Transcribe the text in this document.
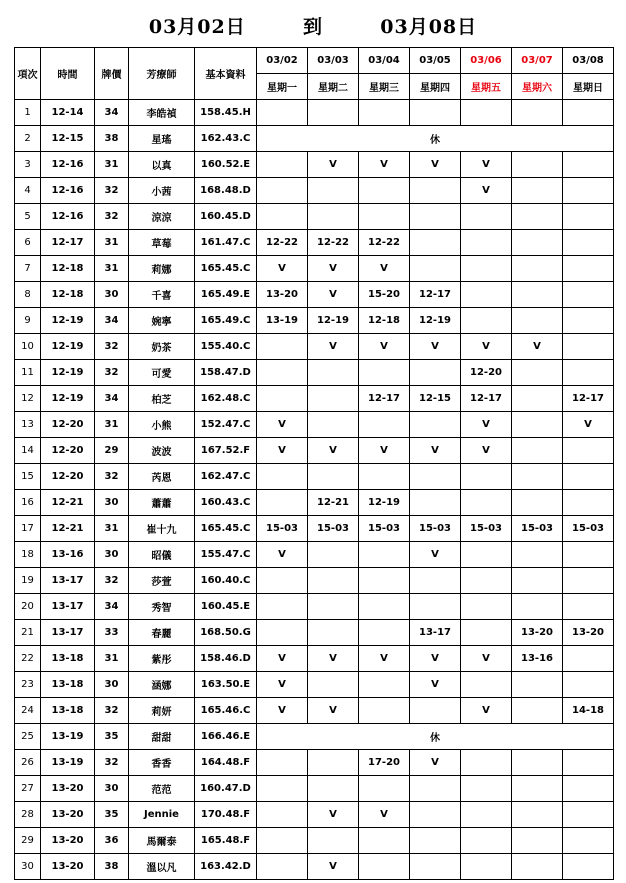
03月02日	到	03月08日
項次	時間	牌價	芳療師	基本資料	03/02	03/03	03/04	03/05	03/06	03/07	03/08
					星期一	星期二	星期三	星期四	星期五	星期六	星期日
1	12-14	34	李皓禎	158.45.H							
2	12-15	38	星瑤	162.43.C	休						
3	12-16	31	以真	160.52.E		V	V	V	V		
4	12-16	32	小茜	168.48.D					V		
5	12-16	32	涼涼	160.45.D							
6	12-17	31	草莓	161.47.C	12-22	12-22	12-22				
7	12-18	31	莉娜	165.45.C	V	V	V				
8	12-18	30	千喜	165.49.E	13-20	V	15-20	12-17			
9	12-19	34	婉寧	165.49.C	13-19	12-19	12-18	12-19			
10	12-19	32	奶茶	155.40.C		V	V	V	V	V	
11	12-19	32	可愛	158.47.D					12-20		
12	12-19	34	柏芝	162.48.C			12-17	12-15	12-17		12-17
13	12-20	31	小熊	152.47.C	V				V		V
14	12-20	29	波波	167.52.F	V	V	V	V	V		
15	12-20	32	芮恩	162.47.C							
16	12-21	30	蕭蕭	160.43.C		12-21	12-19				
17	12-21	31	崔十九	165.45.C	15-03	15-03	15-03	15-03	15-03	15-03	15-03
18	13-16	30	昭儀	155.47.C	V			V			
19	13-17	32	莎萱	160.40.C							
20	13-17	34	秀智	160.45.E							
21	13-17	33	春麗	168.50.G				13-17		13-20	13-20
22	13-18	31	紫彤	158.46.D	V	V	V	V	V	13-16	
23	13-18	30	涵娜	163.50.E	V			V			
24	13-18	32	莉妍	165.46.C	V	V			V		14-18
25	13-19	35	甜甜	166.46.E	休						
26	13-19	32	香香	164.48.F			17-20	V			
27	13-20	30	范范	160.47.D							
28	13-20	35	Jennie	170.48.F		V	V				
29	13-20	36	馬爾泰	165.48.F							
30	13-20	38	溫以凡	163.42.D		V					
